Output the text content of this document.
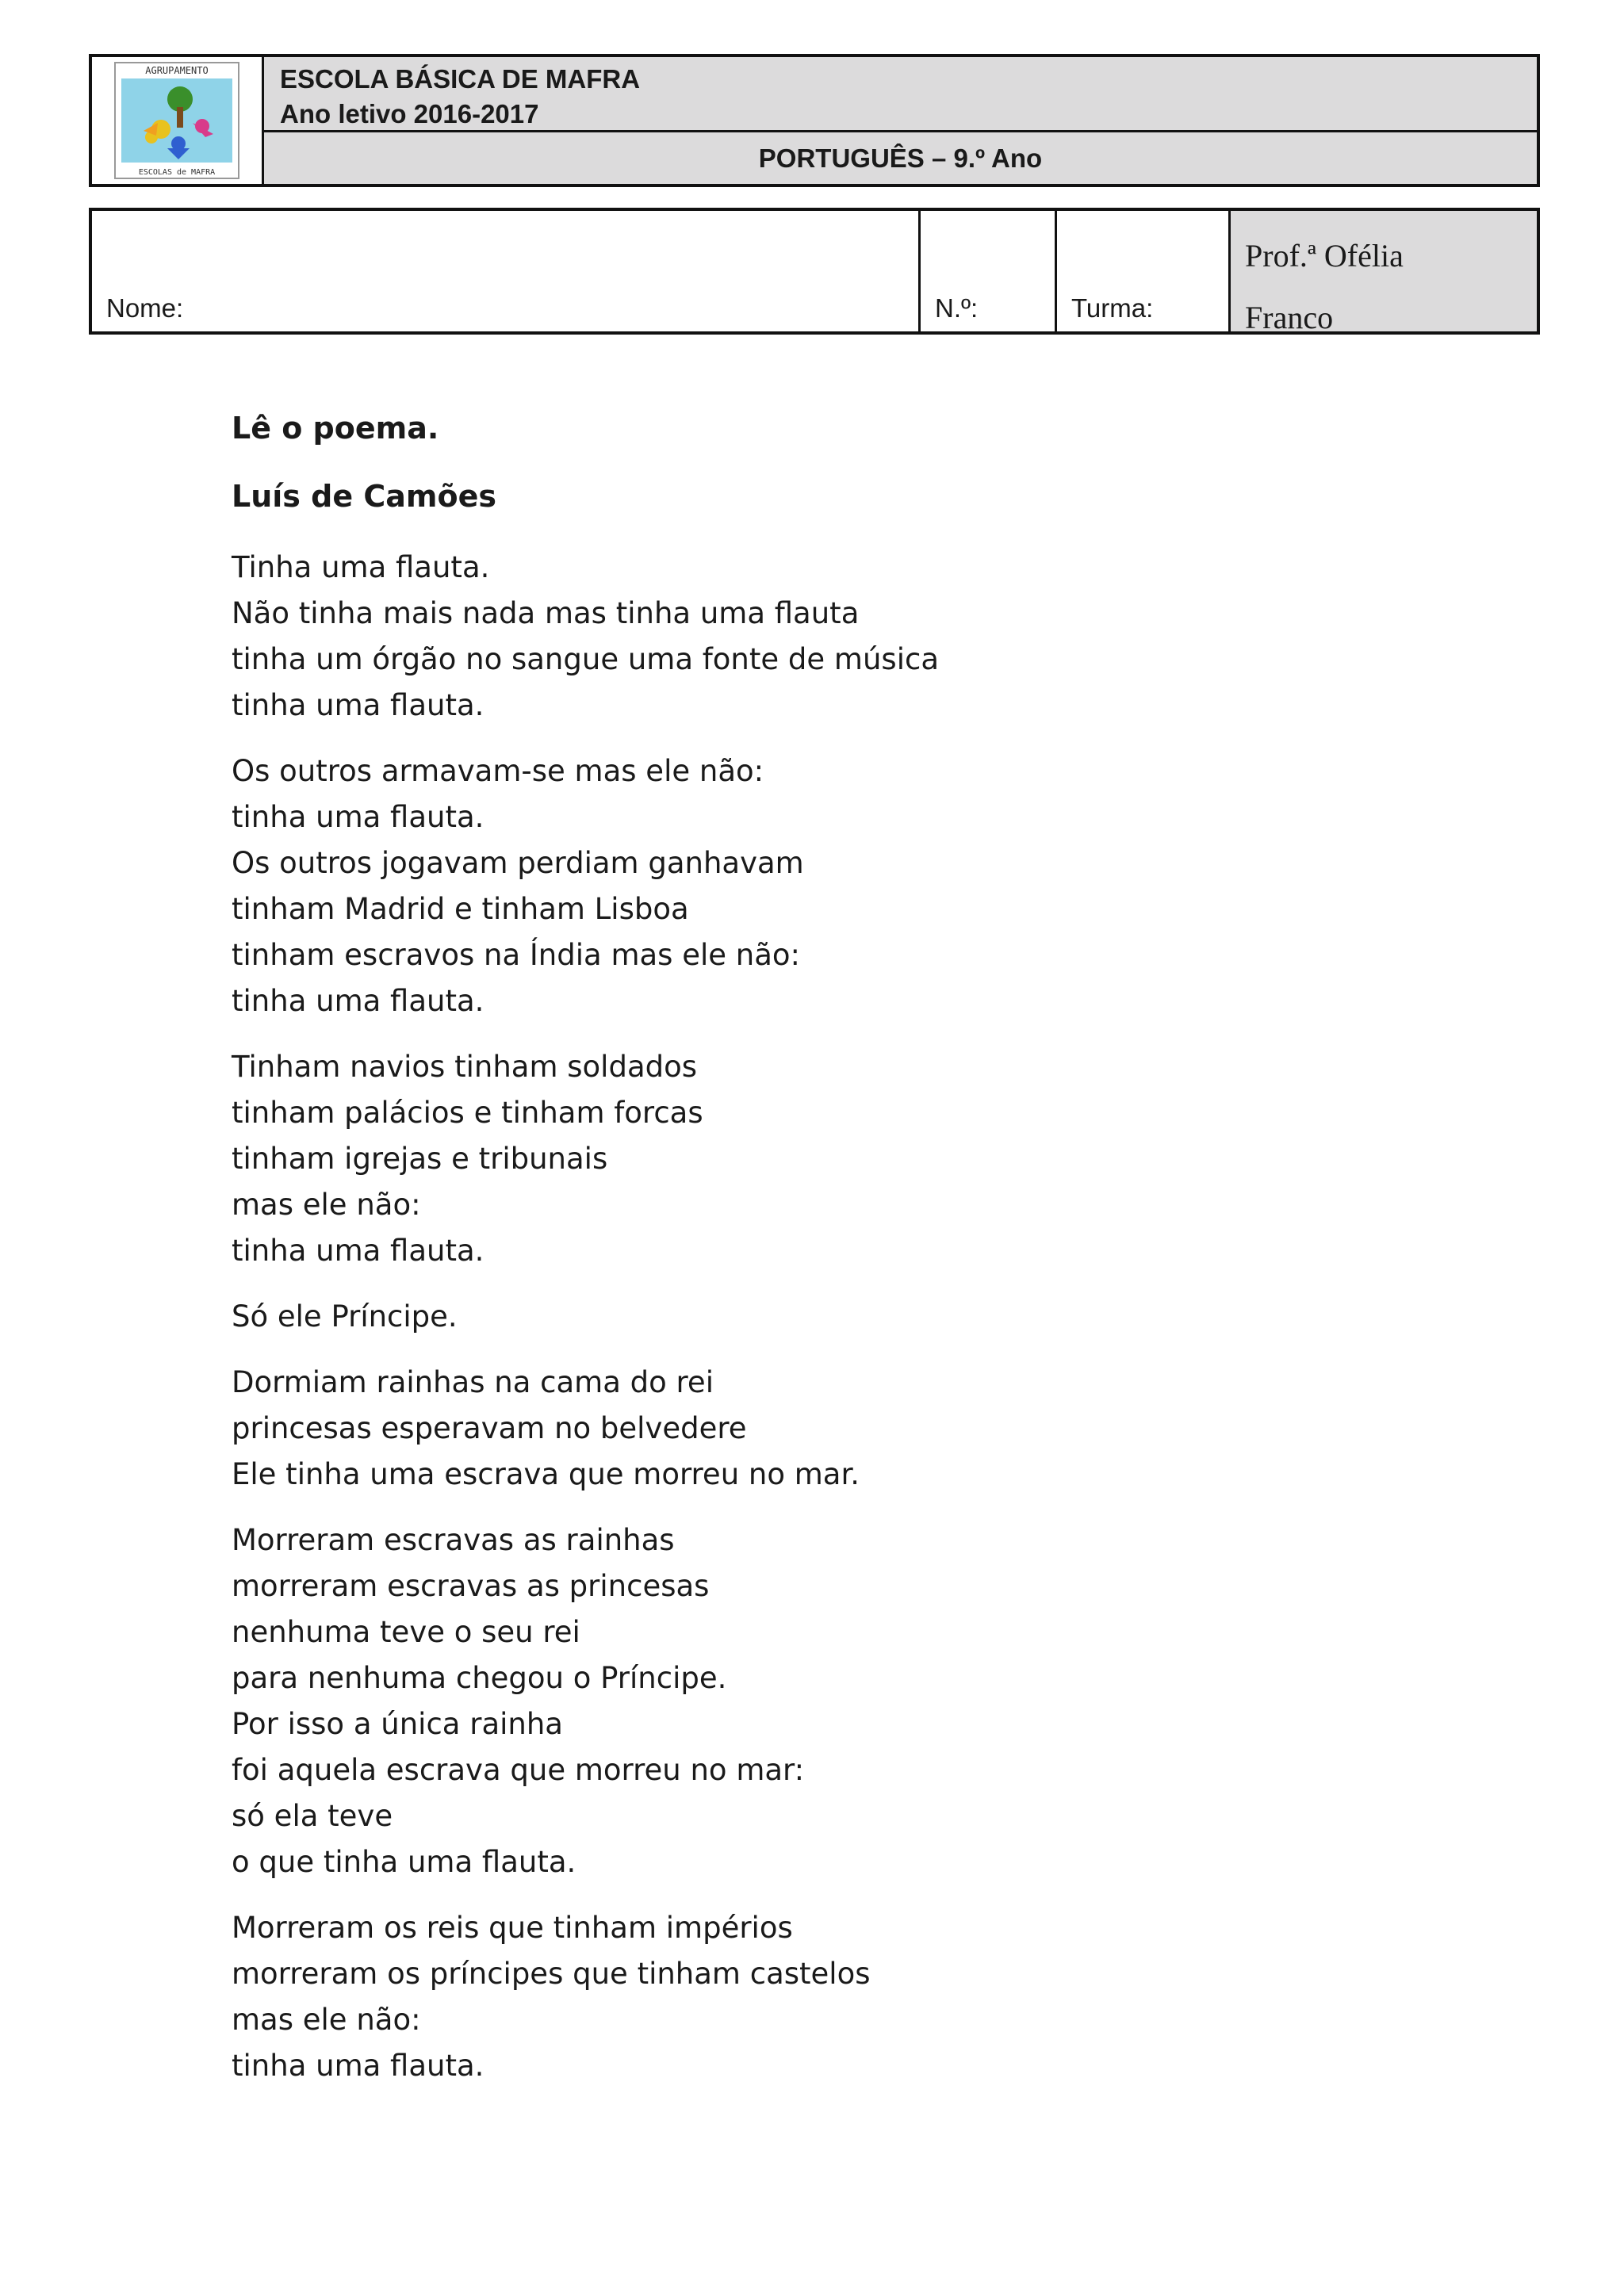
AGRUPAMENTO
ESCOLAS de MAFRA
ESCOLA BÁSICA DE MAFRA
Ano letivo 2016-2017
PORTUGUÊS – 9.º Ano
Nome:	N.º:	Turma:
Prof.ª Ofélia
Franco
Lê o poema.
Luís de Camões
Tinha uma flauta.
Não tinha mais nada mas tinha uma flauta
tinha um órgão no sangue uma fonte de música
tinha uma flauta.
Os outros armavam-se mas ele não:
tinha uma flauta.
Os outros jogavam perdiam ganhavam
tinham Madrid e tinham Lisboa
tinham escravos na Índia mas ele não:
tinha uma flauta.
Tinham navios tinham soldados
tinham palácios e tinham forcas
tinham igrejas e tribunais
mas ele não:
tinha uma flauta.
Só ele Príncipe.
Dormiam rainhas na cama do rei
princesas esperavam no belvedere
Ele tinha uma escrava que morreu no mar.
Morreram escravas as rainhas
morreram escravas as princesas
nenhuma teve o seu rei
para nenhuma chegou o Príncipe.
Por isso a única rainha
foi aquela escrava que morreu no mar:
só ela teve
o que tinha uma flauta.
Morreram os reis que tinham impérios
morreram os príncipes que tinham castelos
mas ele não:
tinha uma flauta.
